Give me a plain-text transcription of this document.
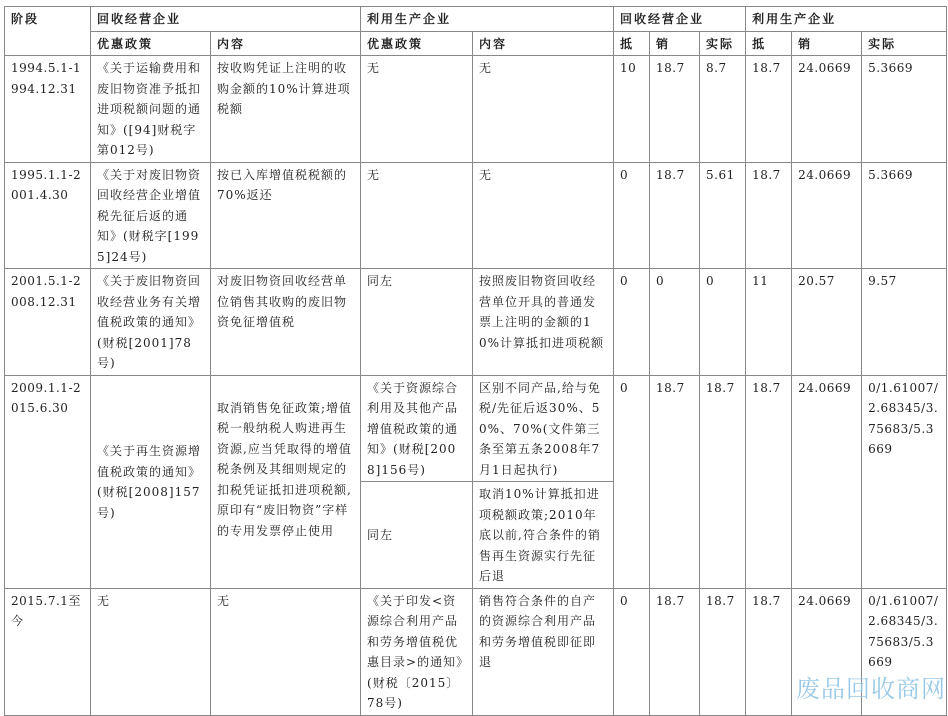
阶段	回收经营企业		利用生产企业		回收经营企业			利用生产企业		
	优惠政策	内容	优惠政策	内容	抵	销	实际	抵	销	实际
1994.5.1-1994.12.31	《关于运输费用和废旧物资准予抵扣进项税额问题的通知》([94]财税字第012号)	按收购凭证上注明的收购金额的10%计算进项税额	无	无	10	18.7	8.7	18.7	24.0669	5.3669
1995.1.1-2001.4.30	《关于对废旧物资回收经营企业增值税先征后返的通知》(财税字[1995]24号)	按已入库增值税税额的70%返还	无	无	0	18.7	5.61	18.7	24.0669	5.3669
2001.5.1-2008.12.31	《关于废旧物资回收经营业务有关增值税政策的通知》(财税[2001]78号)	对废旧物资回收经营单位销售其收购的废旧物资免征增值税	同左	按照废旧物资回收经营单位开具的普通发票上注明的金额的10%计算抵扣进项税额	0	0	0	11	20.57	9.57
2009.1.1-2015.6.30	《关于再生资源增值税政策的通知》(财税[2008]157号)	取消销售免征政策;增值税一般纳税人购进再生资源,应当凭取得的增值税条例及其细则规定的扣税凭证抵扣进项税额,原印有“废旧物资”字样的专用发票停止使用	《关于资源综合利用及其他产品增值税政策的通知》(财税[2008]156号)	区别不同产品,给与免税/先征后返30%、50%、70%(文件第三条至第五条2008年7月1日起执行)	0	18.7	18.7	18.7	24.0669	0/1.61007/2.68345/3.75683/5.3669
			同左	取消10%计算抵扣进项税额政策;2010年底以前,符合条件的销售再生资源实行先征后退						
2015.7.1至今	无	无	《关于印发<资源综合利用产品和劳务增值税优惠目录>的通知》(财税〔2015〕78号)	销售符合条件的自产的资源综合利用产品和劳务增值税即征即退	0	18.7	18.7	18.7	24.0669	0/1.61007/2.68345/3.75683/5.3669
废品回收商网
